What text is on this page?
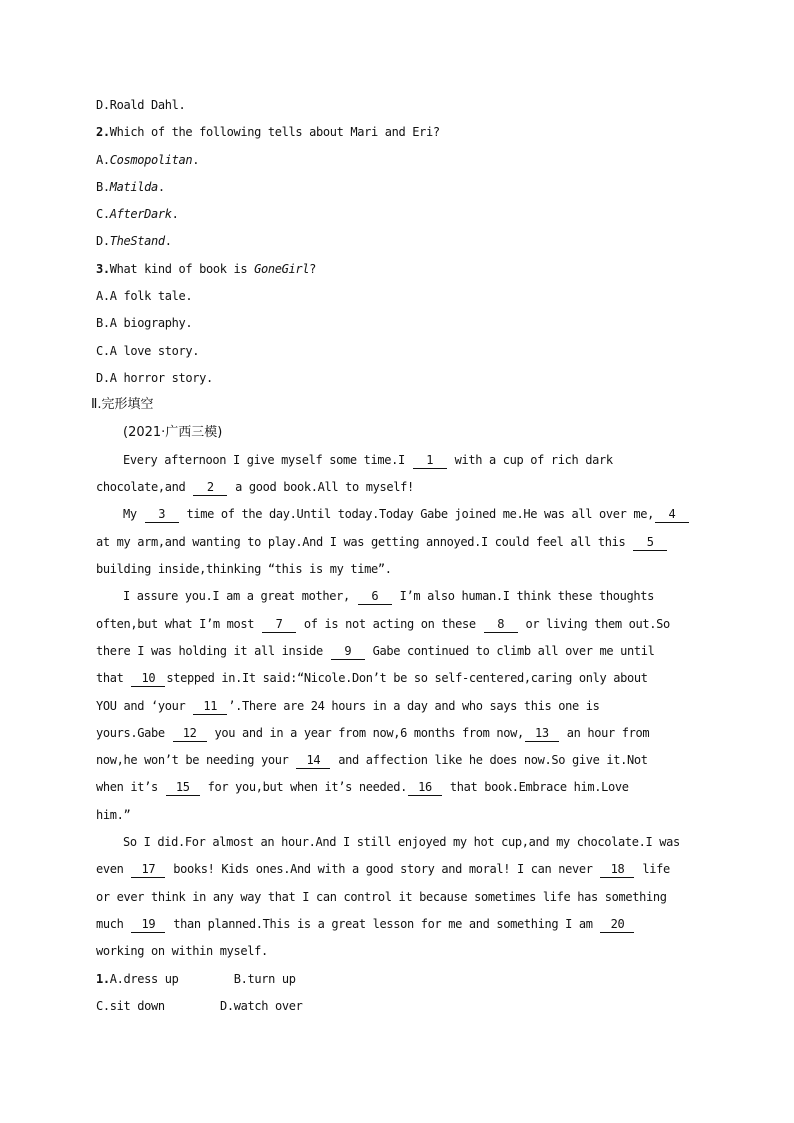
D.Roald Dahl.
2.Which of the following tells about Mari and Eri?
A.Cosmopolitan.
B.Matilda.
C.AfterDark.
D.TheStand.
3.What kind of book is GoneGirl?
A.A folk tale.
B.A biography.
C.A love story.
D.A horror story.
Ⅱ.完形填空
(2021·广西三模)
Every afternoon I give myself some time.I 1 with a cup of rich dark
chocolate,and 2 a good book.All to myself!
My 3 time of the day.Until today.Today Gabe joined me.He was all over me, 4
at my arm,and wanting to play.And I was getting annoyed.I could feel all this 5
building inside,thinking “this is my time”.
I assure you.I am a great mother, 6 I’m also human.I think these thoughts
often,but what I’m most 7 of is not acting on these 8 or living them out.So
there I was holding it all inside 9 Gabe continued to climb all over me until
that 10 stepped in.It said:“Nicole.Don’t be so self-centered,caring only about
YOU and ‘your 11 ’.There are 24 hours in a day and who says this one is
yours.Gabe 12 you and in a year from now,6 months from now, 13 an hour from
now,he won’t be needing your 14 and affection like he does now.So give it.Not
when it’s 15 for you,but when it’s needed. 16 that book.Embrace him.Love
him.”
So I did.For almost an hour.And I still enjoyed my hot cup,and my chocolate.I was
even 17 books! Kids ones.And with a good story and moral! I can never 18 life
or ever think in any way that I can control it because sometimes life has something
much 19 than planned.This is a great lesson for me and something I am 20
working on within myself.
1.A.dress up	B.turn up
C.sit down	D.watch over
